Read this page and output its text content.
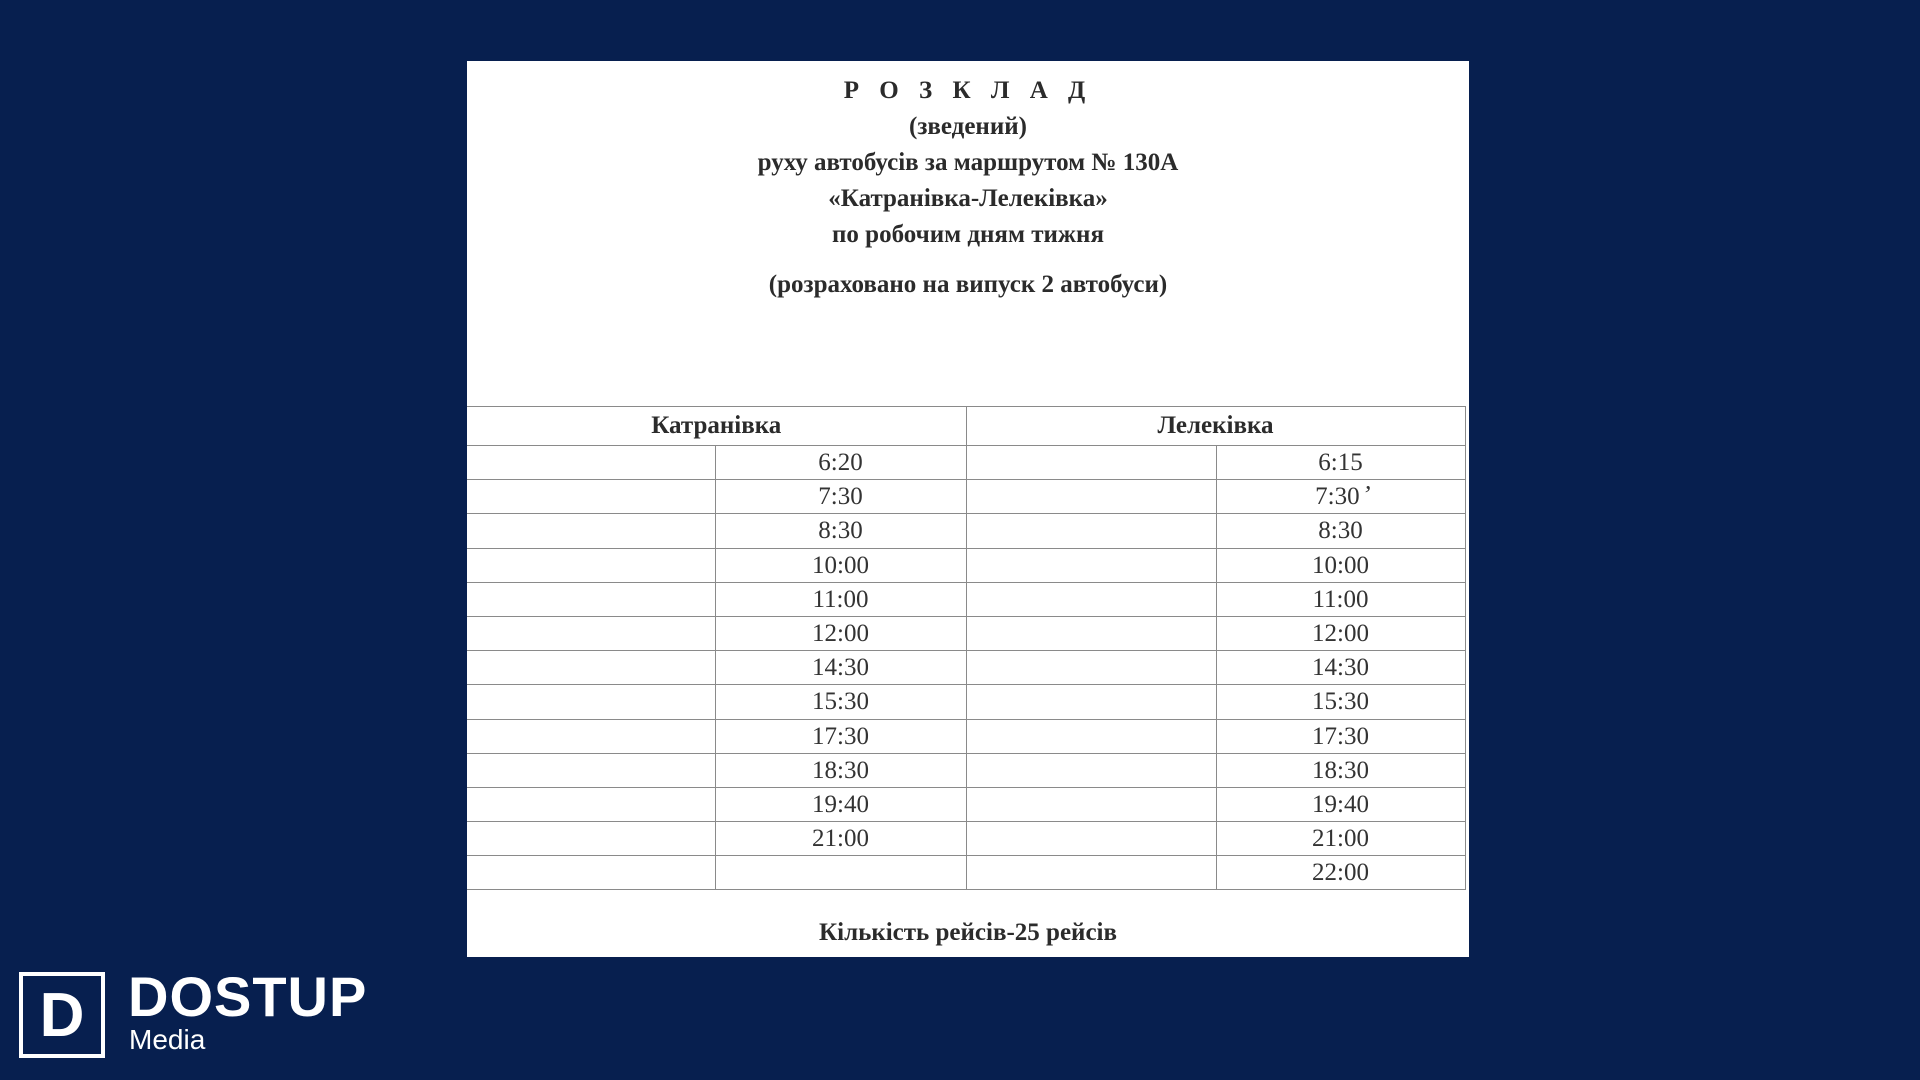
Р О З К Л А Д
(зведений)
руху автобусів за маршрутом № 130А
«Катранівка-Лелеківка»
по робочим дням тижня
(розраховано на випуск 2 автобуси)
Катранівка		Лелеківка	
	6:20		6:15
	7:30		7:30 ̛
	8:30		8:30
	10:00		10:00
	11:00		11:00
	12:00		12:00
	14:30		14:30
	15:30		15:30
	17:30		17:30
	18:30		18:30
	19:40		19:40
	21:00		21:00
			22:00
Кількість рейсів-25 рейсів
D DOSTUP
Media
